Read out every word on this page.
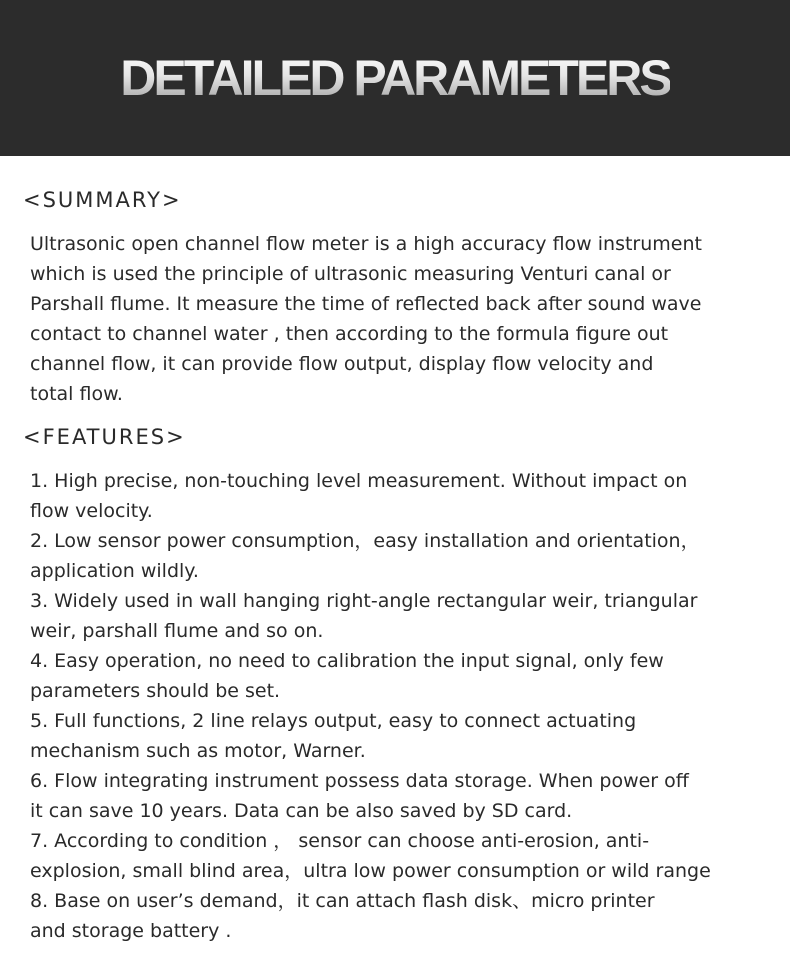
DETAILED PARAMETERS
<SUMMARY>
Ultrasonic open channel flow meter is a high accuracy flow instrument
which is used the principle of ultrasonic measuring Venturi canal or
Parshall flume. It measure the time of reflected back after sound wave
contact to channel water , then according to the formula figure out
channel flow, it can provide flow output, display flow velocity and
total flow.
<FEATURES>
1. High precise, non-touching level measurement. Without impact on
flow velocity.
2. Low sensor power consumption，easy installation and orientation，
application wildly.
3. Widely used in wall hanging right-angle rectangular weir, triangular
weir, parshall flume and so on.
4. Easy operation, no need to calibration the input signal, only few
parameters should be set.
5. Full functions, 2 line relays output, easy to connect actuating
mechanism such as motor, Warner.
6. Flow integrating instrument possess data storage. When power off
it can save 10 years. Data can be also saved by SD card.
7. According to condition ， sensor can choose anti-erosion, anti-
explosion, small blind area，ultra low power consumption or wild range
8. Base on user’s demand，it can attach flash disk、micro printer
and storage battery .
